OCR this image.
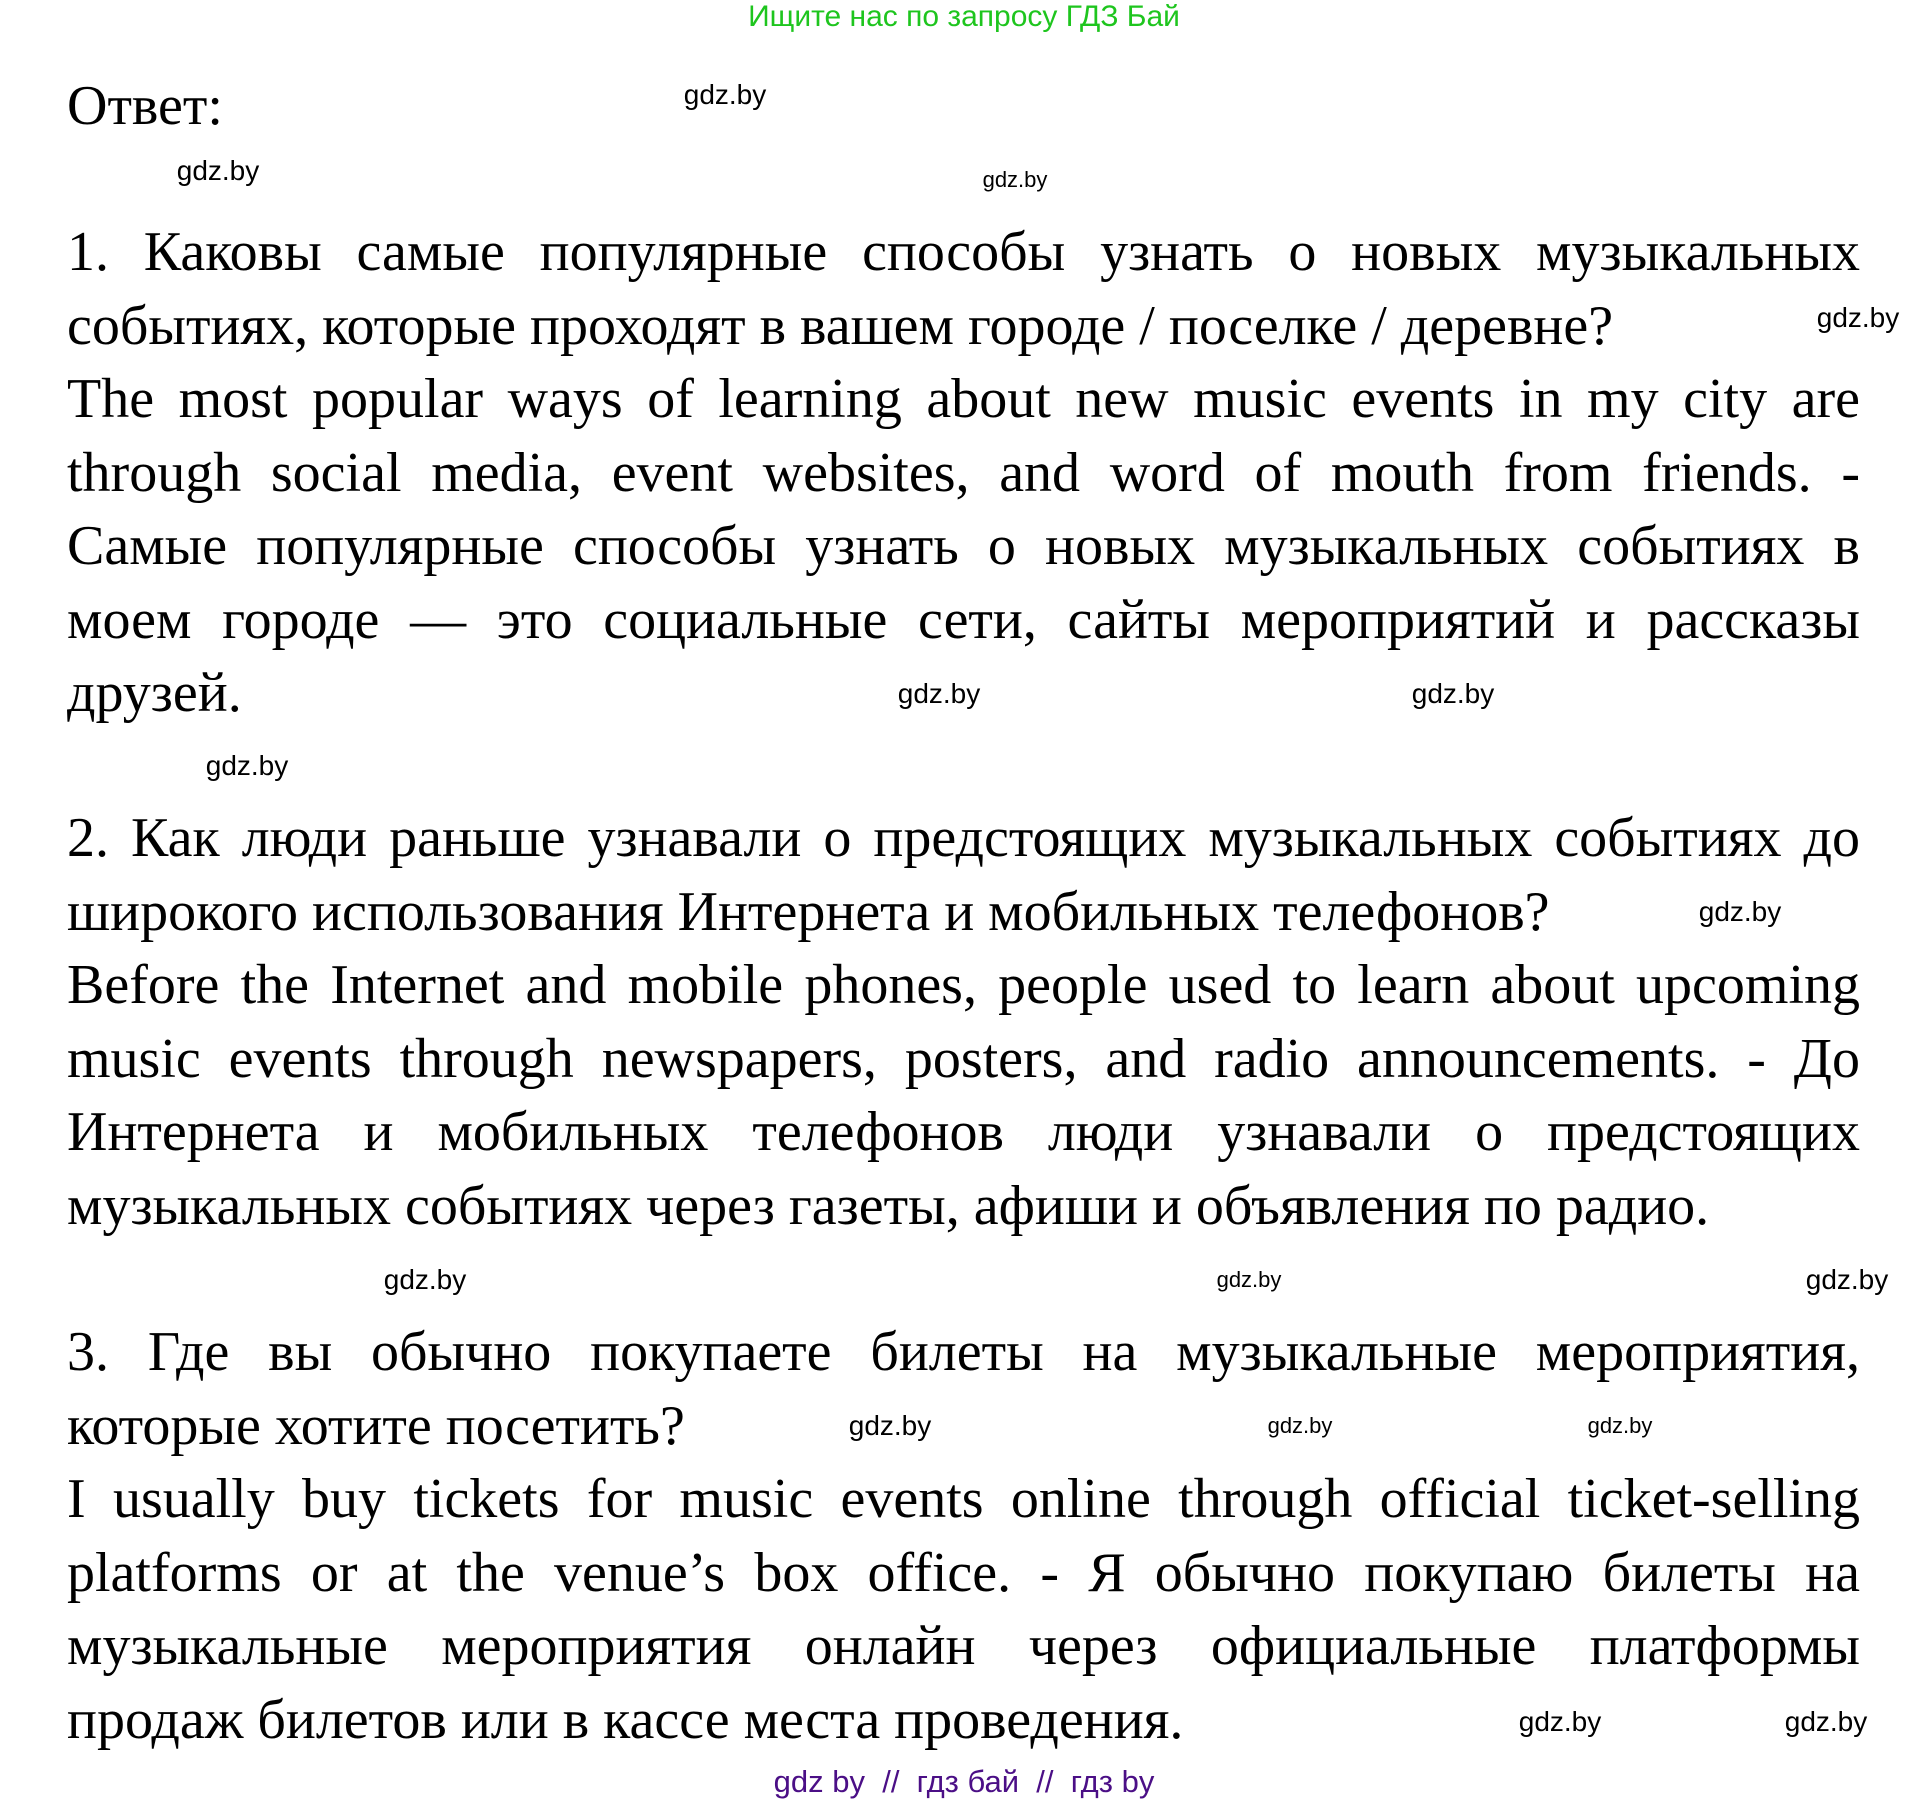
Ищите нас по запросу ГДЗ Бай
Ответ:
1. Каковы самые популярные способы узнать о новых музыкальных
событиях, которые проходят в вашем городе / поселке / деревне?
The most popular ways of learning about new music events in my city are
through social media, event websites, and word of mouth from friends. -
Самые популярные способы узнать о новых музыкальных событиях в
моем городе — это социальные сети, сайты мероприятий и рассказы
друзей.
2. Как люди раньше узнавали о предстоящих музыкальных событиях до
широкого использования Интернета и мобильных телефонов?
Before the Internet and mobile phones, people used to learn about upcoming
music events through newspapers, posters, and radio announcements. - До
Интернета и мобильных телефонов люди узнавали о предстоящих
музыкальных событиях через газеты, афиши и объявления по радио.
3. Где вы обычно покупаете билеты на музыкальные мероприятия,
которые хотите посетить?
I usually buy tickets for music events online through official ticket-selling
platforms or at the venue’s box office. - Я обычно покупаю билеты на
музыкальные мероприятия онлайн через официальные платформы
продаж билетов или в кассе места проведения.
gdz.by
gdz.by
gdz.by
gdz.by
gdz.by
gdz.by
gdz.by
gdz.by
gdz.by	gdz.by
gdz.by
gdz.by	gdz.by	gdz.by
gdz.by
gdz.by
gdz by  //  гдз бай  //  гдз by
